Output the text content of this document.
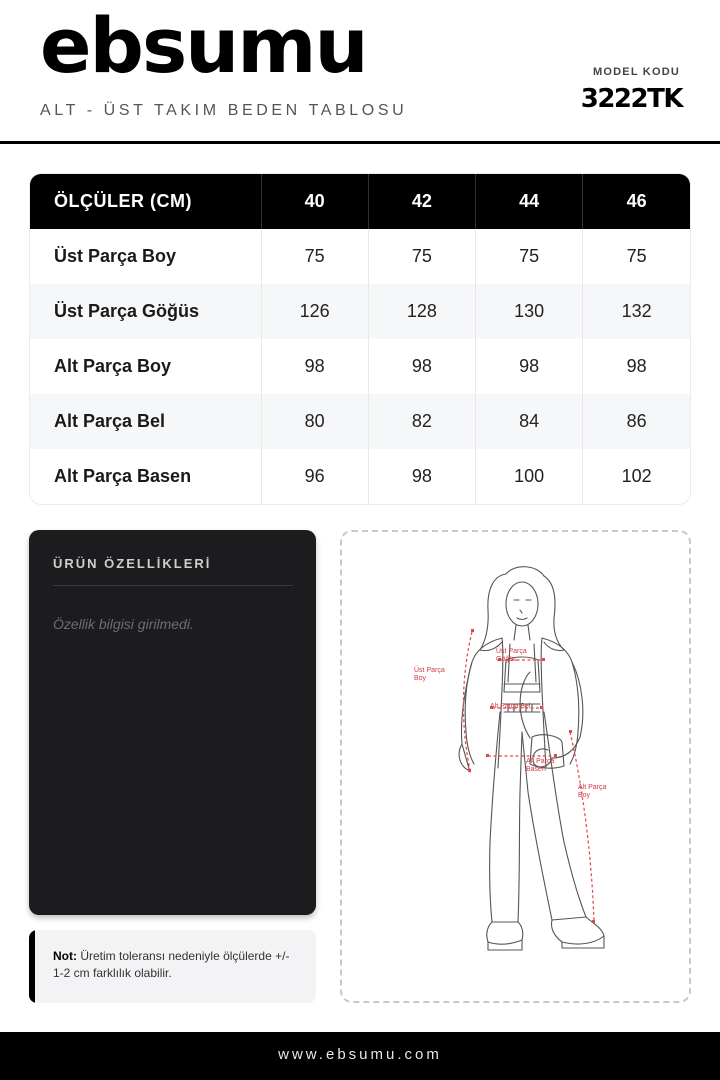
ebsumu
ALT - ÜST TAKIM BEDEN TABLOSU
MODEL KODU
3222TK
ÖLÇÜLER (CM)	40	42	44	46
Üst Parça Boy	75	75	75	75
Üst Parça Göğüs	126	128	130	132
Alt Parça Boy	98	98	98	98
Alt Parça Bel	80	82	84	86
Alt Parça Basen	96	98	100	102
ÜRÜN ÖZELLİKLERİ
Özellik bilgisi girilmedi.
Not: Üretim toleransı nedeniyle ölçülerde +/- 1-2 cm farklılık olabilir.
Üst Parça
Boy
Üst Parça
Göğüs
Alt Parça Bel
Alt Parça
Basen
Alt Parça
Boy
www.ebsumu.com
